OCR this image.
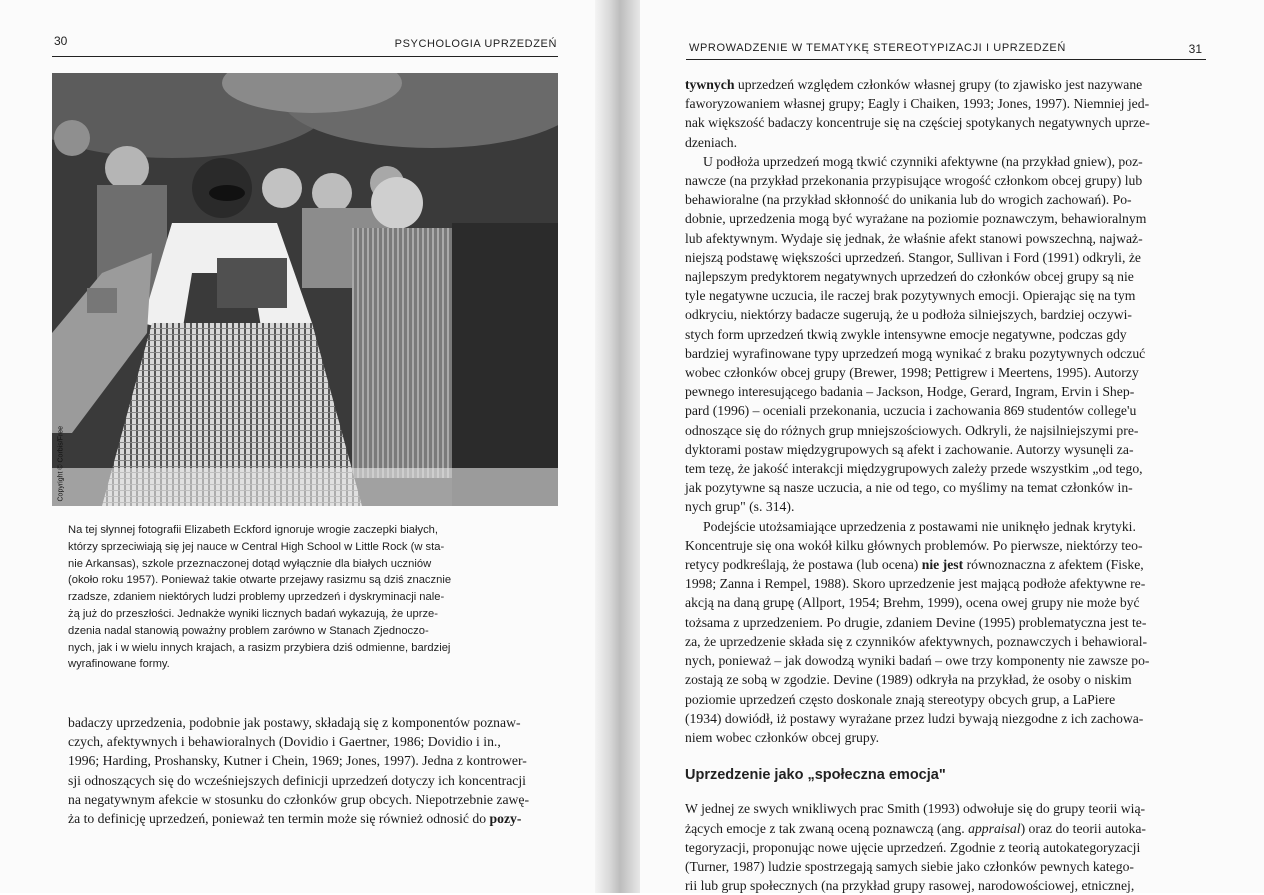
30	PSYCHOLOGIA UPRZEDZEŃ
Copyright © Corbis/Free
Na tej słynnej fotografii Elizabeth Eckford ignoruje wrogie zaczepki białych,
którzy sprzeciwiają się jej nauce w Central High School w Little Rock (w sta-
nie Arkansas), szkole przeznaczonej dotąd wyłącznie dla białych uczniów
(około roku 1957). Ponieważ takie otwarte przejawy rasizmu są dziś znacznie
rzadsze, zdaniem niektórych ludzi problemy uprzedzeń i dyskryminacji nale-
żą już do przeszłości. Jednakże wyniki licznych badań wykazują, że uprze-
dzenia nadal stanowią poważny problem zarówno w Stanach Zjednoczo-
nych, jak i w wielu innych krajach, a rasizm przybiera dziś odmienne, bardziej
wyrafinowane formy.
badaczy uprzedzenia, podobnie jak postawy, składają się z komponentów poznaw-
czych, afektywnych i behawioralnych (Dovidio i Gaertner, 1986; Dovidio i in.,
1996; Harding, Proshansky, Kutner i Chein, 1969; Jones, 1997). Jedna z kontrower-
sji odnoszących się do wcześniejszych definicji uprzedzeń dotyczy ich koncentracji
na negatywnym afekcie w stosunku do członków grup obcych. Niepotrzebnie zawę-
ża to definicję uprzedzeń, ponieważ ten termin może się również odnosić do pozy-
WPROWADZENIE W TEMATYKĘ STEREOTYPIZACJI I UPRZEDZEŃ	31
tywnych uprzedzeń względem członków własnej grupy (to zjawisko jest nazywane
faworyzowaniem własnej grupy; Eagly i Chaiken, 1993; Jones, 1997). Niemniej jed-
nak większość badaczy koncentruje się na częściej spotykanych negatywnych uprze-
dzeniach.
U podłoża uprzedzeń mogą tkwić czynniki afektywne (na przykład gniew), poz-
nawcze (na przykład przekonania przypisujące wrogość członkom obcej grupy) lub
behawioralne (na przykład skłonność do unikania lub do wrogich zachowań). Po-
dobnie, uprzedzenia mogą być wyrażane na poziomie poznawczym, behawioralnym
lub afektywnym. Wydaje się jednak, że właśnie afekt stanowi powszechną, najważ-
niejszą podstawę większości uprzedzeń. Stangor, Sullivan i Ford (1991) odkryli, że
najlepszym predyktorem negatywnych uprzedzeń do członków obcej grupy są nie
tyle negatywne uczucia, ile raczej brak pozytywnych emocji. Opierając się na tym
odkryciu, niektórzy badacze sugerują, że u podłoża silniejszych, bardziej oczywi-
stych form uprzedzeń tkwią zwykle intensywne emocje negatywne, podczas gdy
bardziej wyrafinowane typy uprzedzeń mogą wynikać z braku pozytywnych odczuć
wobec członków obcej grupy (Brewer, 1998; Pettigrew i Meertens, 1995). Autorzy
pewnego interesującego badania – Jackson, Hodge, Gerard, Ingram, Ervin i Shep-
pard (1996) – oceniali przekonania, uczucia i zachowania 869 studentów college'u
odnoszące się do różnych grup mniejszościowych. Odkryli, że najsilniejszymi pre-
dyktorami postaw międzygrupowych są afekt i zachowanie. Autorzy wysunęli za-
tem tezę, że jakość interakcji międzygrupowych zależy przede wszystkim „od tego,
jak pozytywne są nasze uczucia, a nie od tego, co myślimy na temat członków in-
nych grup" (s. 314).
Podejście utożsamiające uprzedzenia z postawami nie uniknęło jednak krytyki.
Koncentruje się ona wokół kilku głównych problemów. Po pierwsze, niektórzy teo-
retycy podkreślają, że postawa (lub ocena) nie jest równoznaczna z afektem (Fiske,
1998; Zanna i Rempel, 1988). Skoro uprzedzenie jest mającą podłoże afektywne re-
akcją na daną grupę (Allport, 1954; Brehm, 1999), ocena owej grupy nie może być
tożsama z uprzedzeniem. Po drugie, zdaniem Devine (1995) problematyczna jest te-
za, że uprzedzenie składa się z czynników afektywnych, poznawczych i behawioral-
nych, ponieważ – jak dowodzą wyniki badań – owe trzy komponenty nie zawsze po-
zostają ze sobą w zgodzie. Devine (1989) odkryła na przykład, że osoby o niskim
poziomie uprzedzeń często doskonale znają stereotypy obcych grup, a LaPiere
(1934) dowiódł, iż postawy wyrażane przez ludzi bywają niezgodne z ich zachowa-
niem wobec członków obcej grupy.
Uprzedzenie jako „społeczna emocja"
W jednej ze swych wnikliwych prac Smith (1993) odwołuje się do grupy teorii wią-
żących emocje z tak zwaną oceną poznawczą (ang. appraisal) oraz do teorii autoka-
tegoryzacji, proponując nowe ujęcie uprzedzeń. Zgodnie z teorią autokategoryzacji
(Turner, 1987) ludzie spostrzegają samych siebie jako członków pewnych katego-
rii lub grup społecznych (na przykład grupy rasowej, narodowościowej, etnicznej,
